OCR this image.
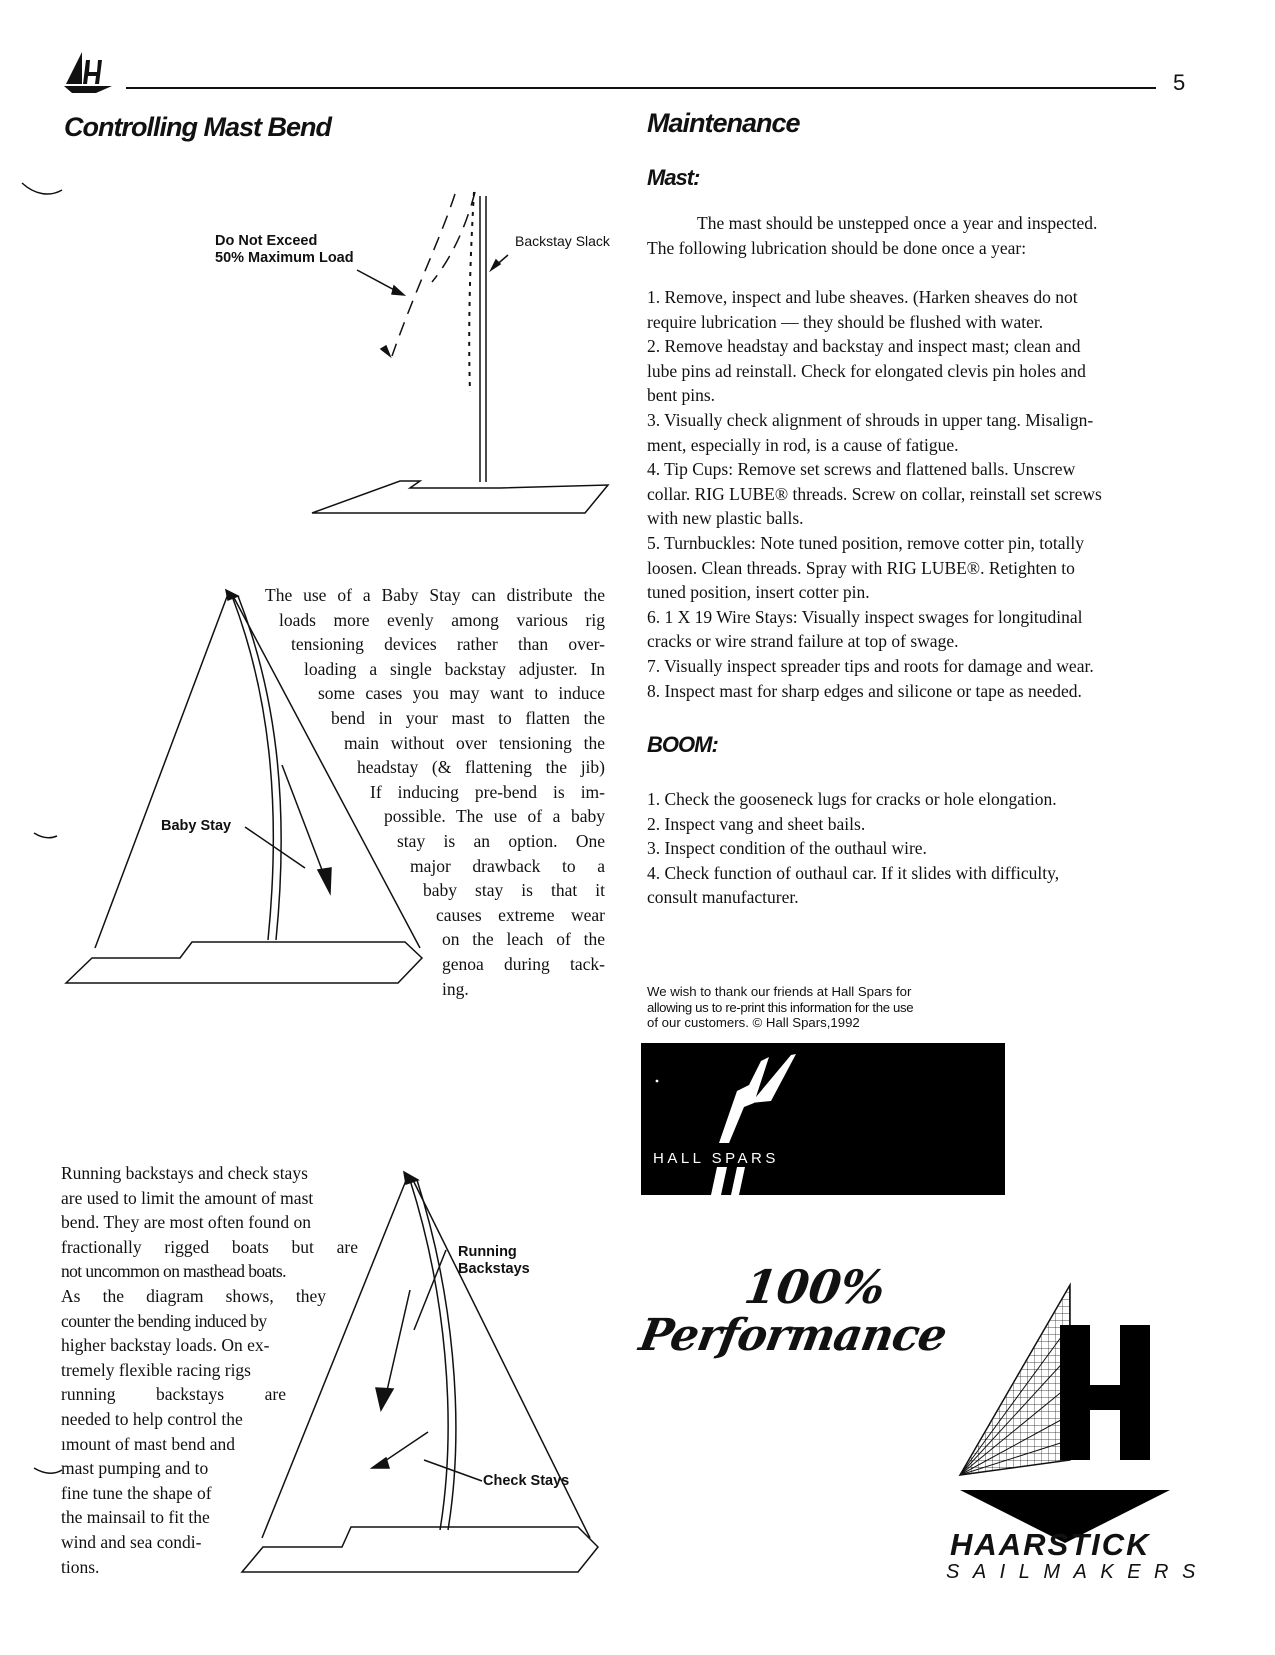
5
Controlling Mast Bend
Do Not Exceed
50% Maximum Load
Backstay Slack
Baby Stay
The use of a Baby Stay can distribute the
loads more evenly among various rig
tensioning devices rather than over-
loading a single backstay adjuster. In
some cases you may want to induce
bend in your mast to flatten the
main without over tensioning the
headstay (& flattening the jib)
If inducing pre-bend is im-
possible. The use of a baby
stay is an option. One
major drawback to a
baby stay is that it
causes extreme wear
on the leach of the
genoa during tack-
ing.
Running
Backstays
Check Stays
Running backstays and check stays
are used to limit the amount of mast
bend. They are most often found on
fractionally rigged boats but are
not uncommon on masthead boats.
As the diagram shows, they
counter the bending induced by
higher backstay loads. On ex-
tremely flexible racing rigs
running backstays are
needed to help control the
ımount of mast bend and
mast pumping and to
fine tune the shape of
the mainsail to fit the
wind and sea condi-
tions.
Maintenance
Mast:
The mast should be unstepped once a year and inspected.
The following lubrication should be done once a year:
1. Remove, inspect and lube sheaves. (Harken sheaves do not
require lubrication — they should be flushed with water.
2. Remove headstay and backstay and inspect mast; clean and
lube pins ad reinstall. Check for elongated clevis pin holes and
bent pins.
3. Visually check alignment of shrouds in upper tang. Misalign-
ment, especially in rod, is a cause of fatigue.
4. Tip Cups: Remove set screws and flattened balls. Unscrew
collar. RIG LUBE® threads. Screw on collar, reinstall set screws
with new plastic balls.
5. Turnbuckles: Note tuned position, remove cotter pin, totally
loosen. Clean threads. Spray with RIG LUBE®. Retighten to
tuned position, insert cotter pin.
6. 1 X 19 Wire Stays: Visually inspect swages for longitudinal
cracks or wire strand failure at top of swage.
7. Visually inspect spreader tips and roots for damage and wear.
8. Inspect mast for sharp edges and silicone or tape as needed.
BOOM:
1. Check the gooseneck lugs for cracks or hole elongation.
2. Inspect vang and sheet bails.
3. Inspect condition of the outhaul wire.
4. Check function of outhaul car. If it slides with difficulty,
consult manufacturer.
We wish to thank our friends at Hall Spars for
allowing us to re-print this information for the use
of our customers. © Hall Spars,1992
HALL SPARS
100%
Performance
HAARSTICK
SAILMAKERS
